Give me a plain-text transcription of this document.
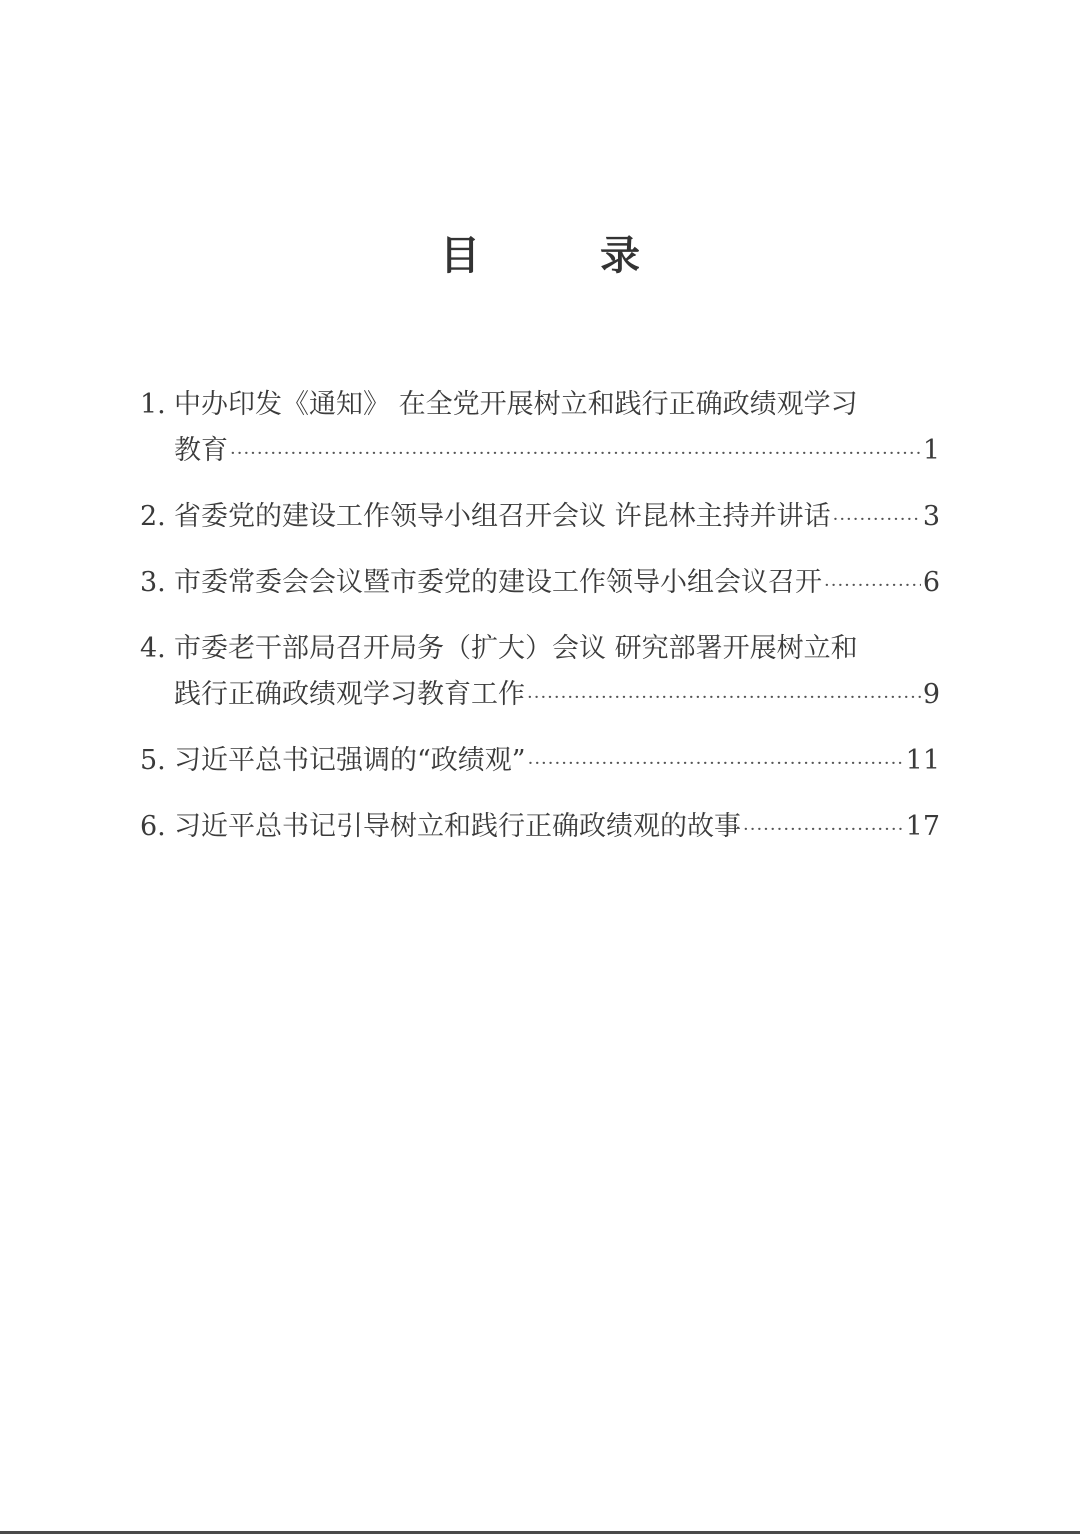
目　录
1. 中办印发《通知》 在全党开展树立和践行正确政绩观学习
教育 ·····	1
2. 省委党的建设工作领导小组召开会议 许昆林主持并讲话 ·····	3
3. 市委常委会会议暨市委党的建设工作领导小组会议召开 ·····	6
4. 市委老干部局召开局务（扩大）会议 研究部署开展树立和
践行正确政绩观学习教育工作 ·····	9
5. 习近平总书记强调的“政绩观” ·····	11
6. 习近平总书记引导树立和践行正确政绩观的故事 ·····	17
